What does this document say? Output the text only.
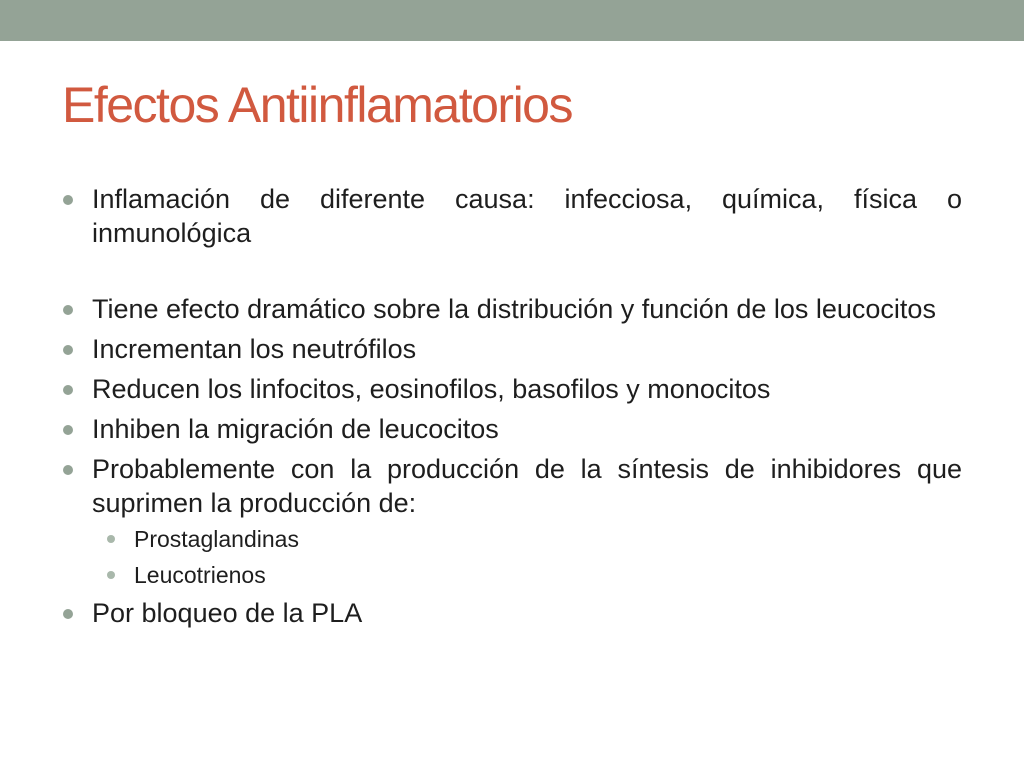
Efectos Antiinflamatorios
Inflamación de diferente causa: infecciosa, química, física o inmunológica
Tiene efecto dramático sobre la distribución y función de los leucocitos
Incrementan los neutrófilos
Reducen los linfocitos, eosinofilos, basofilos y monocitos
Inhiben la migración de leucocitos
Probablemente con la producción de la síntesis de inhibidores que suprimen la producción de:
Prostaglandinas
Leucotrienos
Por bloqueo de la PLA
